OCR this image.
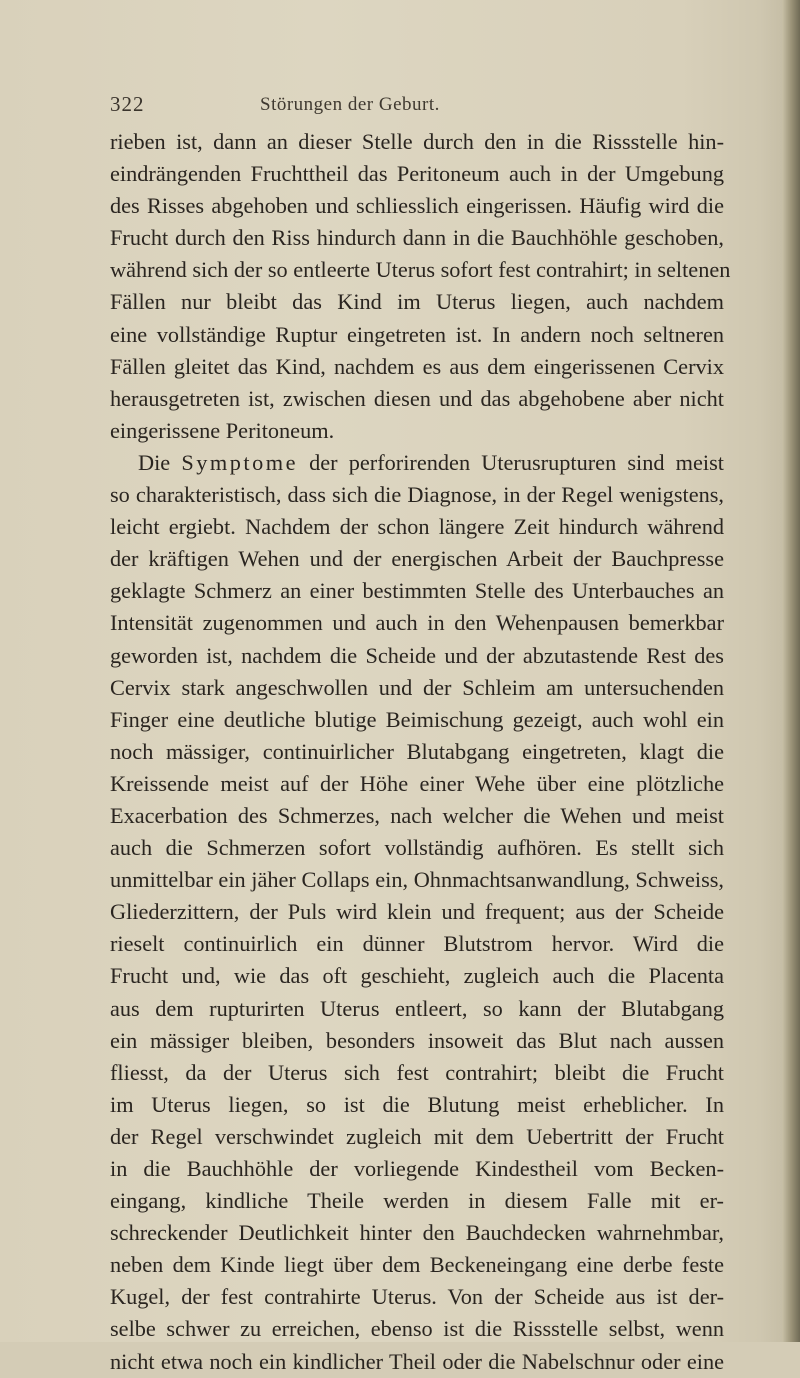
322	Störungen der Geburt.
rieben ist, dann an dieser Stelle durch den in die Rissstelle hin-
eindrängenden Fruchttheil das Peritoneum auch in der Umgebung
des Risses abgehoben und schliesslich eingerissen. Häufig wird die
Frucht durch den Riss hindurch dann in die Bauchhöhle geschoben,
während sich der so entleerte Uterus sofort fest contrahirt; in seltenen
Fällen nur bleibt das Kind im Uterus liegen, auch nachdem
eine vollständige Ruptur eingetreten ist. In andern noch seltneren
Fällen gleitet das Kind, nachdem es aus dem eingerissenen Cervix
herausgetreten ist, zwischen diesen und das abgehobene aber nicht
eingerissene Peritoneum.
Die Symptome der perforirenden Uterusrupturen sind meist
so charakteristisch, dass sich die Diagnose, in der Regel wenigstens,
leicht ergiebt. Nachdem der schon längere Zeit hindurch während
der kräftigen Wehen und der energischen Arbeit der Bauchpresse
geklagte Schmerz an einer bestimmten Stelle des Unterbauches an
Intensität zugenommen und auch in den Wehenpausen bemerkbar
geworden ist, nachdem die Scheide und der abzutastende Rest des
Cervix stark angeschwollen und der Schleim am untersuchenden
Finger eine deutliche blutige Beimischung gezeigt, auch wohl ein
noch mässiger, continuirlicher Blutabgang eingetreten, klagt die
Kreissende meist auf der Höhe einer Wehe über eine plötzliche
Exacerbation des Schmerzes, nach welcher die Wehen und meist
auch die Schmerzen sofort vollständig aufhören. Es stellt sich
unmittelbar ein jäher Collaps ein, Ohnmachtsanwandlung, Schweiss,
Gliederzittern, der Puls wird klein und frequent; aus der Scheide
rieselt continuirlich ein dünner Blutstrom hervor. Wird die
Frucht und, wie das oft geschieht, zugleich auch die Placenta
aus dem rupturirten Uterus entleert, so kann der Blutabgang
ein mässiger bleiben, besonders insoweit das Blut nach aussen
fliesst, da der Uterus sich fest contrahirt; bleibt die Frucht
im Uterus liegen, so ist die Blutung meist erheblicher. In
der Regel verschwindet zugleich mit dem Uebertritt der Frucht
in die Bauchhöhle der vorliegende Kindestheil vom Becken-
eingang, kindliche Theile werden in diesem Falle mit er-
schreckender Deutlichkeit hinter den Bauchdecken wahrnehmbar,
neben dem Kinde liegt über dem Beckeneingang eine derbe feste
Kugel, der fest contrahirte Uterus. Von der Scheide aus ist der-
selbe schwer zu erreichen, ebenso ist die Rissstelle selbst, wenn
nicht etwa noch ein kindlicher Theil oder die Nabelschnur oder eine
